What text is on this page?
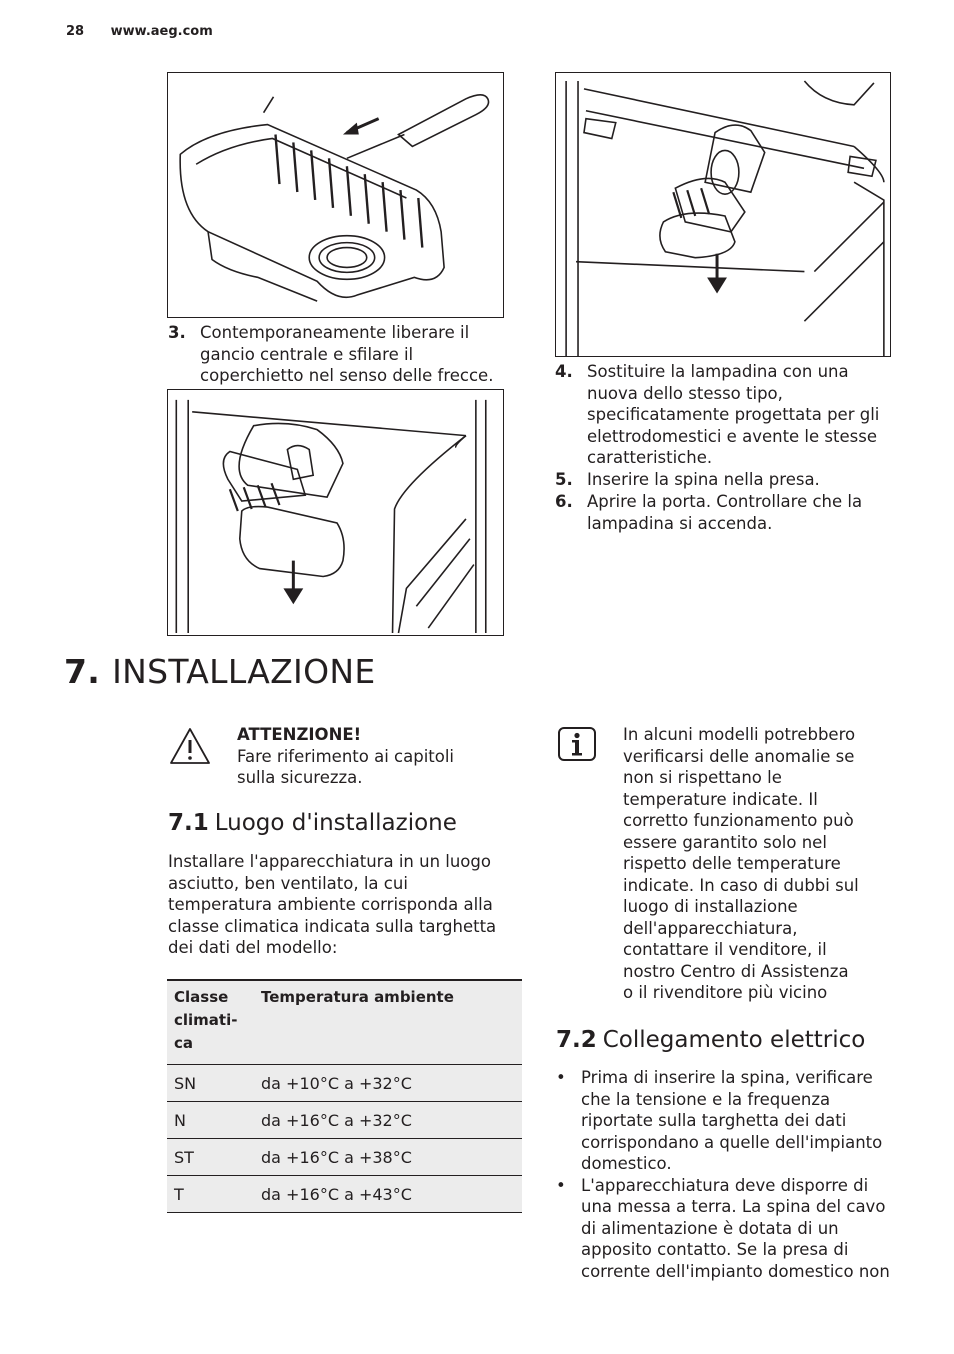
28 www.aeg.com
3. Contemporaneamente liberare il
gancio centrale e sfilare il
coperchietto nel senso delle frecce.	4. Sostituire la lampadina con una
nuova dello stesso tipo,
specificatamente progettata per gli
elettrodomestici e avente le stesse
caratteristiche.
5. Inserire la spina nella presa.
6. Aprire la porta. Controllare che la
lampadina si accenda.
7. INSTALLAZIONE
ATTENZIONE!
Fare riferimento ai capitoli
sulla sicurezza.
7.1 Luogo d'installazione
Installare l'apparecchiatura in un luogo
asciutto, ben ventilato, la cui
temperatura ambiente corrisponda alla
classe climatica indicata sulla targhetta
dei dati del modello:
Classe
climati-
ca	Temperatura ambiente

SN	da +10°C a +32°C
N	da +16°C a +32°C
ST	da +16°C a +38°C
T	da +16°C a +43°C
In alcuni modelli potrebbero
verificarsi delle anomalie se
non si rispettano le
temperature indicate. Il
corretto funzionamento può
essere garantito solo nel
rispetto delle temperature
indicate. In caso di dubbi sul
luogo di installazione
dell'apparecchiatura,
contattare il venditore, il
nostro Centro di Assistenza
o il rivenditore più vicino
7.2 Collegamento elettrico
• Prima di inserire la spina, verificare
che la tensione e la frequenza
riportate sulla targhetta dei dati
corrispondano a quelle dell'impianto
domestico.
• L'apparecchiatura deve disporre di
una messa a terra. La spina del cavo
di alimentazione è dotata di un
apposito contatto. Se la presa di
corrente dell'impianto domestico non
